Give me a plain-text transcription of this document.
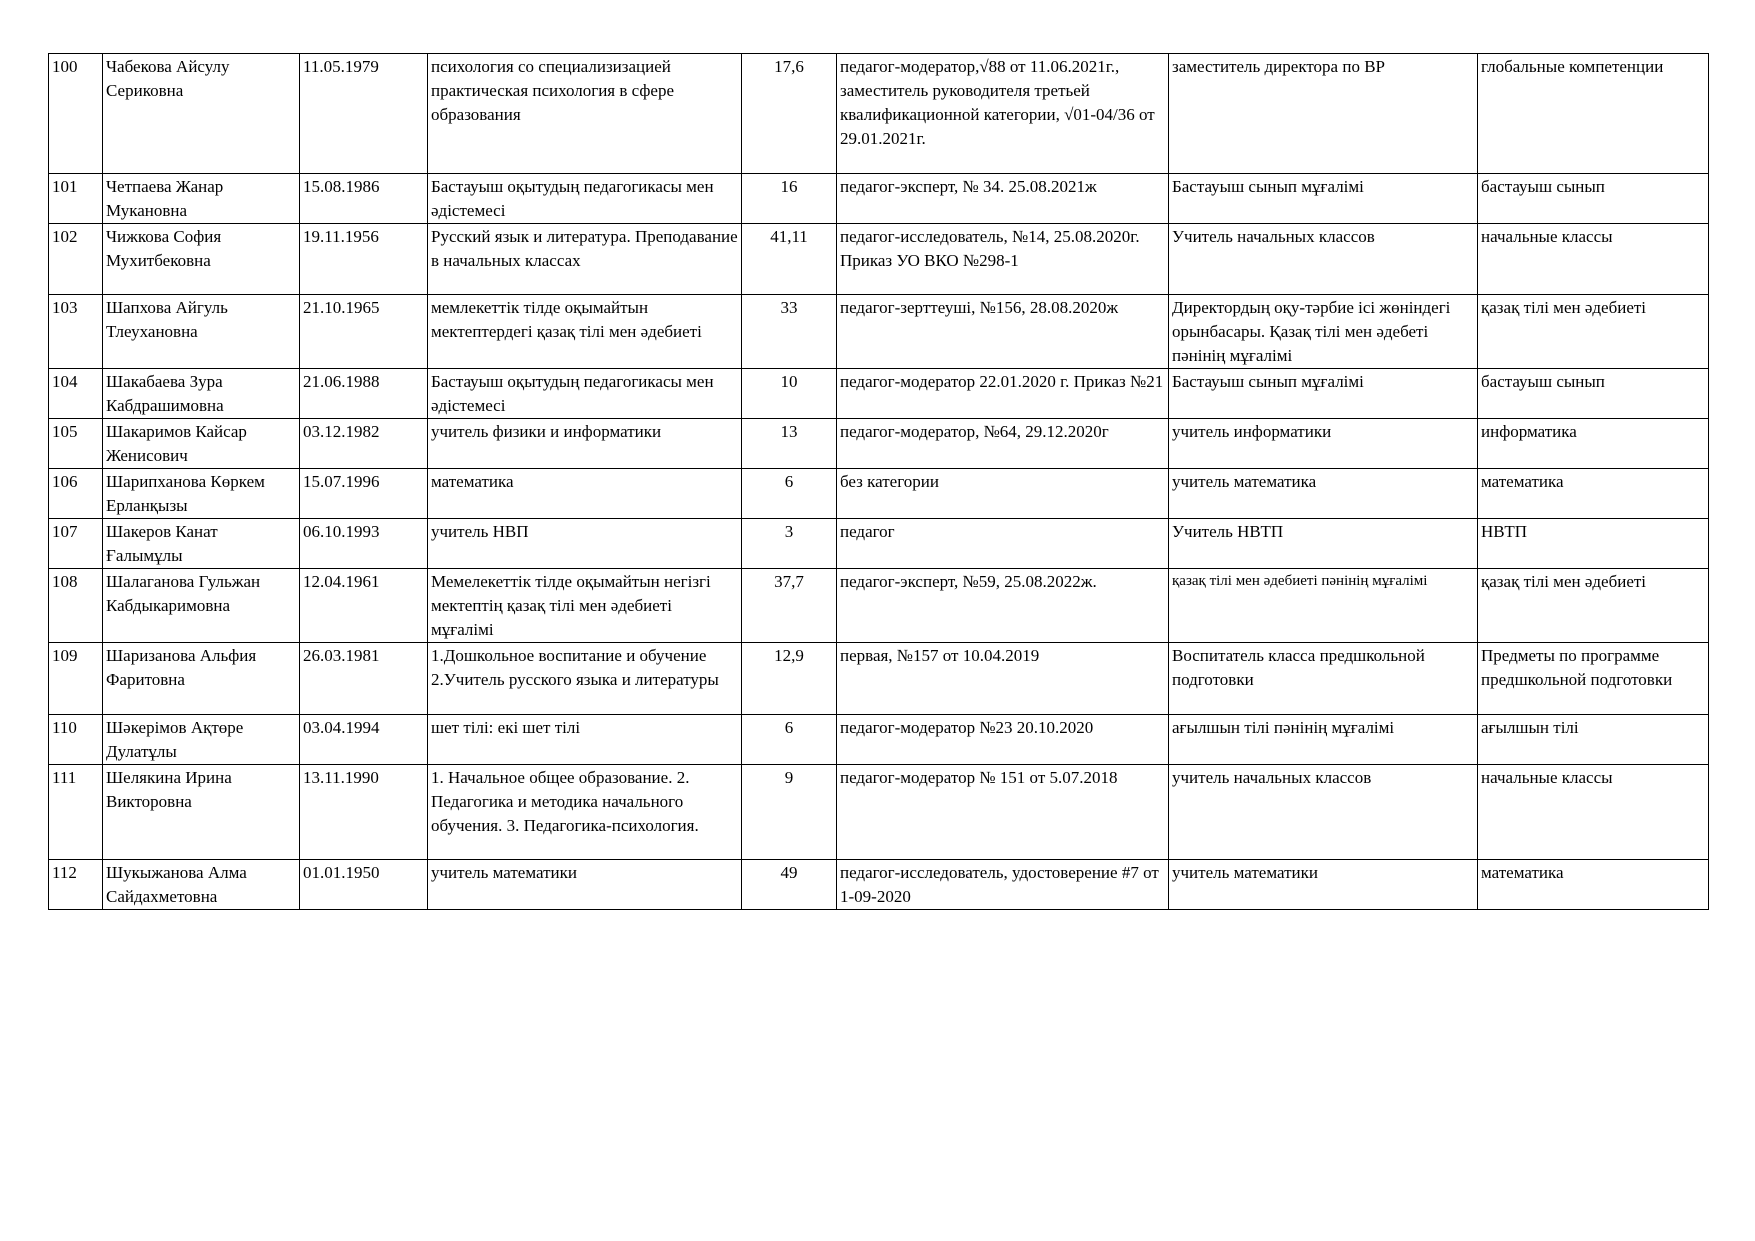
100	Чабекова Айсулу Сериковна	11.05.1979	психология со специализизацией практическая психология в сфере образования	17,6	педагог-модератор,√88 от 11.06.2021г., заместитель руководителя третьей квалификационной категории, √01-04/36 от 29.01.2021г.	заместитель директора по ВР	глобальные компетенции
101	Четпаева Жанар Мукановна	15.08.1986	Бастауыш оқытудың педагогикасы мен әдістемесі	16	педагог-эксперт, № 34. 25.08.2021ж	Бастауыш сынып мұғалімі	бастауыш сынып
102	Чижкова София Мухитбековна	19.11.1956	Русский язык и литература. Преподавание в начальных классах	41,11	педагог-исследователь, №14, 25.08.2020г. Приказ УО ВКО №298-1	Учитель начальных классов	начальные классы
103	Шапхова Айгуль Тлеухановна	21.10.1965	мемлекеттік тілде оқымайтын мектептердегі қазақ тілі мен әдебиеті	33	педагог-зерттеуші, №156, 28.08.2020ж	Директордың оқу-тәрбие ісі жөніндегі орынбасары. Қазақ тілі мен әдебеті пәнінің мұғалімі	қазақ тілі мен әдебиеті
104	Шакабаева Зура Кабдрашимовна	21.06.1988	Бастауыш оқытудың педагогикасы мен әдістемесі	10	педагог-модератор 22.01.2020 г. Приказ №21	Бастауыш сынып мұғалімі	бастауыш сынып
105	Шакаримов Кайсар Женисович	03.12.1982	учитель физики и информатики	13	педагог-модератор, №64, 29.12.2020г	учитель информатики	информатика
106	Шарипханова Көркем Ерланқызы	15.07.1996	математика	6	без категории	учитель математика	математика
107	Шакеров Канат Ғалымұлы	06.10.1993	учитель НВП	3	педагог	Учитель НВТП	НВТП
108	Шалаганова Гульжан Кабдыкаримовна	12.04.1961	Мемелекеттік тілде оқымайтын негізгі мектептің қазақ тілі мен әдебиеті мұғалімі	37,7	педагог-эксперт, №59, 25.08.2022ж.	қазақ тілі мен әдебиеті пәнінің мұғалімі	қазақ тілі мен әдебиеті
109	Шаризанова Альфия Фаритовна	26.03.1981	1.Дошкольное воспитание и обучение 2.Учитель русского языка и литературы	12,9	первая, №157 от 10.04.2019	Воспитатель класса предшкольной подготовки	Предметы по программе предшкольной подготовки
110	Шәкерімов Ақтөре Дулатұлы	03.04.1994	шет тілі: екі шет тілі	6	педагог-модератор №23 20.10.2020	ағылшын тілі пәнінің мұғалімі	ағылшын тілі
111	Шелякина Ирина Викторовна	13.11.1990	1. Начальное общее образование. 2. Педагогика и методика начального обучения. 3. Педагогика-психология.	9	педагог-модератор № 151 от 5.07.2018	учитель начальных классов	начальные классы
112	Шукыжанова Алма Сайдахметовна	01.01.1950	учитель математики	49	педагог-исследователь, удостоверение #7 от 1-09-2020	учитель математики	математика
